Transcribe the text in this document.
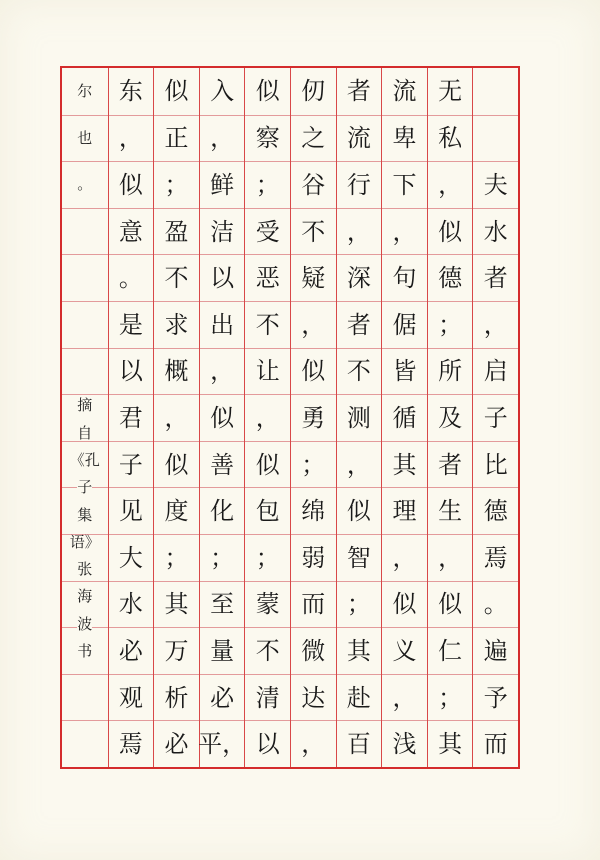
尔
也
。
摘
自
《孔
子
集
语》
张
海
波
书
东
，
似
意
。
是
以
君
子
见
大
水
必
观
焉
似
正
；
盈
不
求
概
，
似
度
；
其
万
析
必
入
，
鲜
洁
以
出
，
似
善
化
；
至
量
必
平，
似
察
；
受
恶
不
让
，
似
包
；
蒙
不
清
以
仞
之
谷
不
疑
，
似
勇
；
绵
弱
而
微
达
，
者
流
行
，
深
者
不
测
，
似
智
；
其
赴
百
流
卑
下
，
句
倨
皆
循
其
理
，
似
义
，
浅
无
私
，
似
德
；
所
及
者
生
，
似
仁
；
其
夫
水
者
，
启
子
比
德
焉
。
遍
予
而
